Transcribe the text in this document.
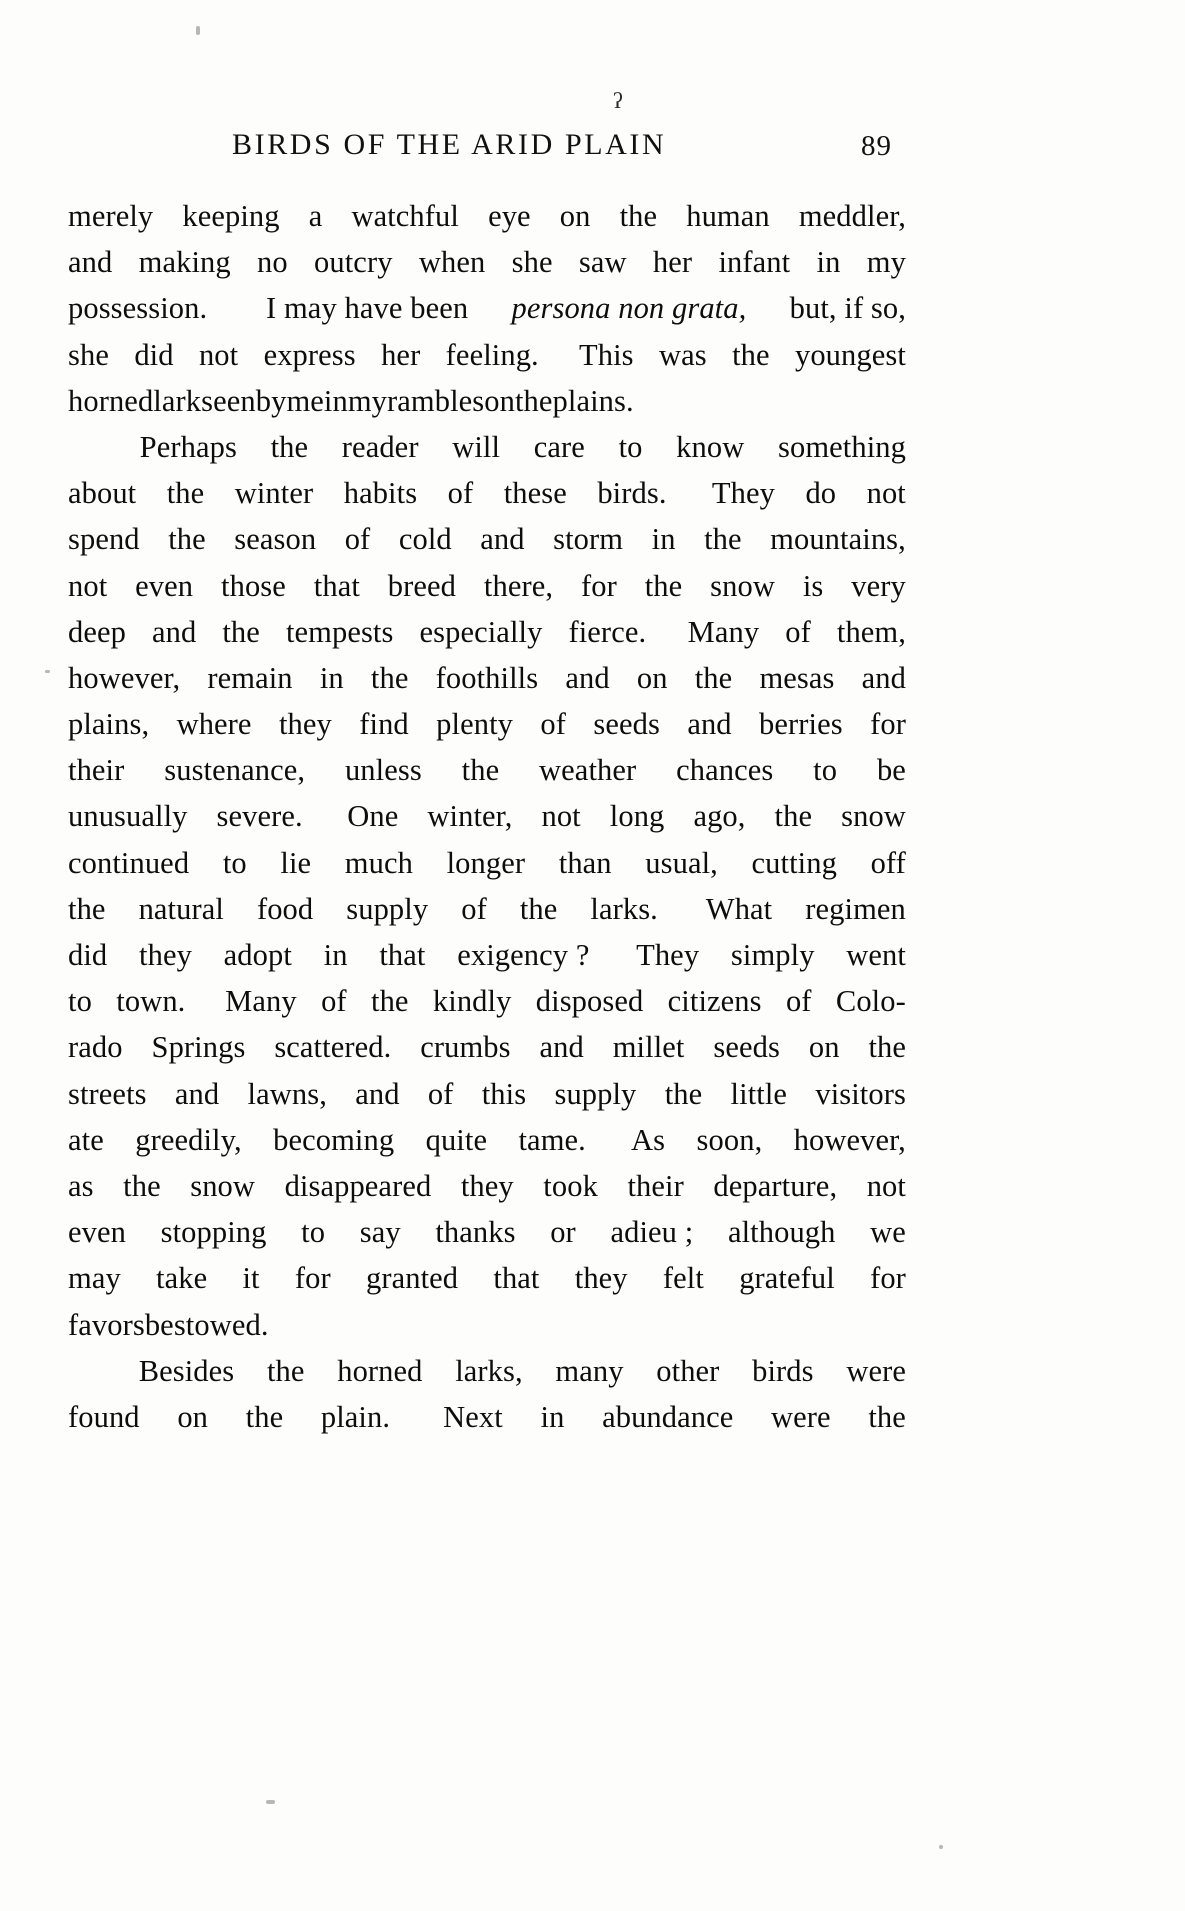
ʔ
BIRDS OF THE ARID PLAIN	89
merely keeping a watchful eye on the human meddler,
and making no outcry when she saw her infant in my
possession. I may have been persona non grata, but, if so,
she did not express her feeling. This was the youngest
horned lark seen by me in my rambles on the plains.
Perhaps the reader will care to know something
about the winter habits of these birds. They do not
spend the season of cold and storm in the mountains,
not even those that breed there, for the snow is very
deep and the tempests especially fierce. Many of them,
however, remain in the foothills and on the mesas and
plains, where they find plenty of seeds and berries for
their sustenance, unless the weather chances to be
unusually severe. One winter, not long ago, the snow
continued to lie much longer than usual, cutting off
the natural food supply of the larks. What regimen
did they adopt in that exigency ? They simply went
to town. Many of the kindly disposed citizens of Colo-
rado Springs scattered. crumbs and millet seeds on the
streets and lawns, and of this supply the little visitors
ate greedily, becoming quite tame. As soon, however,
as the snow disappeared they took their departure, not
even stopping to say thanks or adieu ; although we
may take it for granted that they felt grateful for
favors bestowed.
Besides the horned larks, many other birds were
found on the plain. Next in abundance were the
